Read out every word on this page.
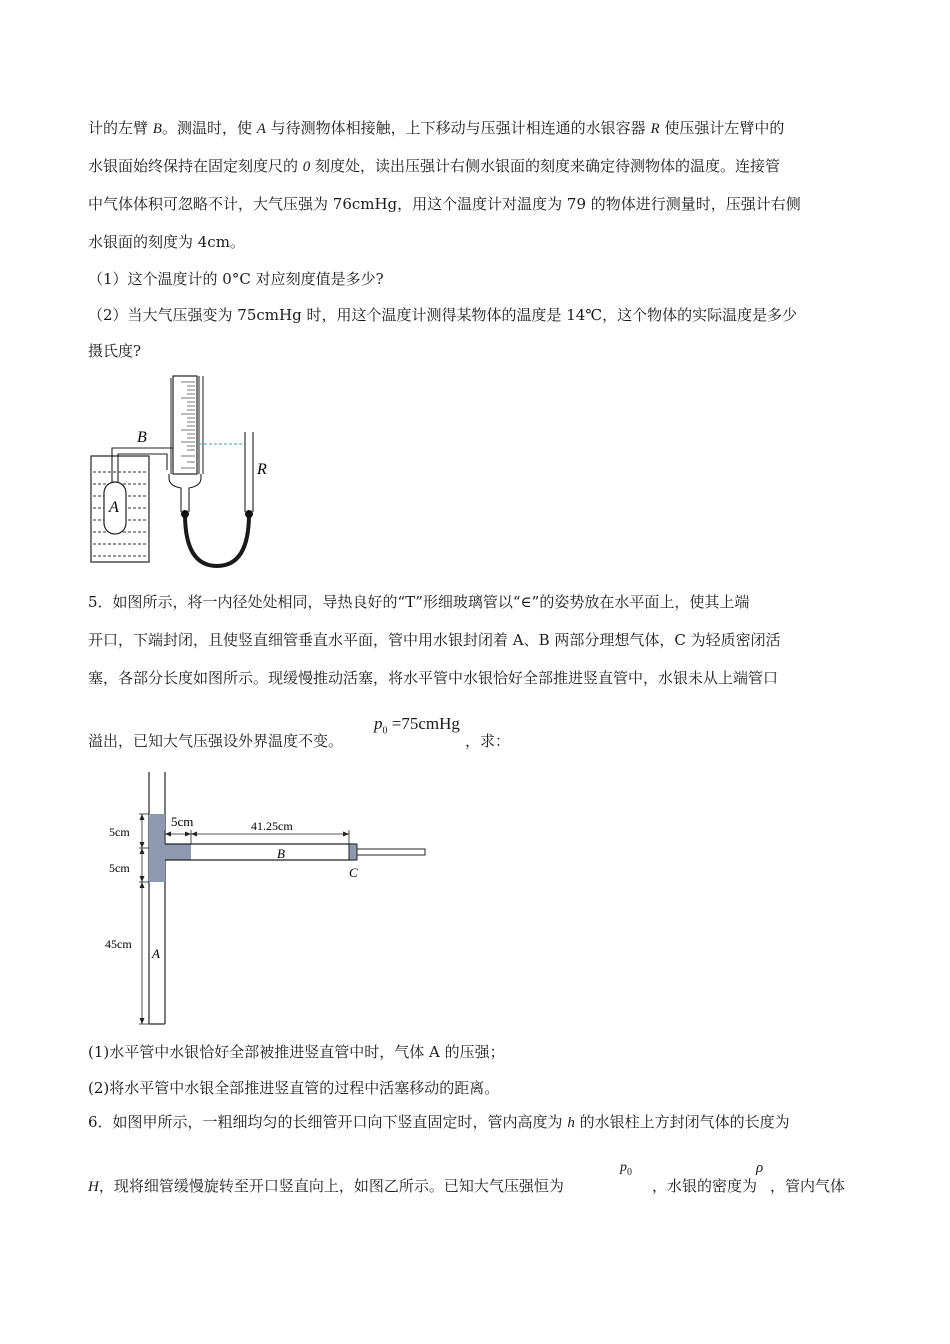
计的左臂 B。测温时，使 A 与待测物体相接触，上下移动与压强计相连通的水银容器 R 使压强计左臂中的
水银面始终保持在固定刻度尺的 0 刻度处，读出压强计右侧水银面的刻度来确定待测物体的温度。连接管
中气体体积可忽略不计，大气压强为 76cmHg，用这个温度计对温度为 79 的物体进行测量时，压强计右侧
水银面的刻度为 4cm。
（1）这个温度计的 0°C 对应刻度值是多少?
（2）当大气压强变为 75cmHg 时，用这个温度计测得某物体的温度是 14℃，这个物体的实际温度是多少
摄氏度?
B
A
R
5．如图所示，将一内径处处相同，导热良好的“T”形细玻璃管以“∈”的姿势放在水平面上，使其上端
开口，下端封闭，且使竖直细管垂直水平面，管中用水银封闭着 A、B 两部分理想气体，C 为轻质密闭活
塞，各部分长度如图所示。现缓慢推动活塞，将水平管中水银恰好全部推进竖直管中，水银未从上端管口
溢出，已知大气压强设外界温度不变。
$p_0$ =75cmHg
，求：
5cm
5cm
45cm
5cm	41.25cm
B
C
A
(1)水平管中水银恰好全部被推进竖直管中时，气体 A 的压强；
(2)将水平管中水银全部推进竖直管的过程中活塞移动的距离。
6．如图甲所示，一粗细均匀的长细管开口向下竖直固定时，管内高度为 h 的水银柱上方封闭气体的长度为
H，现将细管缓慢旋转至开口竖直向上，如图乙所示。已知大气压强恒为
$p_0$
，水银的密度为
ρ
，管内气体
